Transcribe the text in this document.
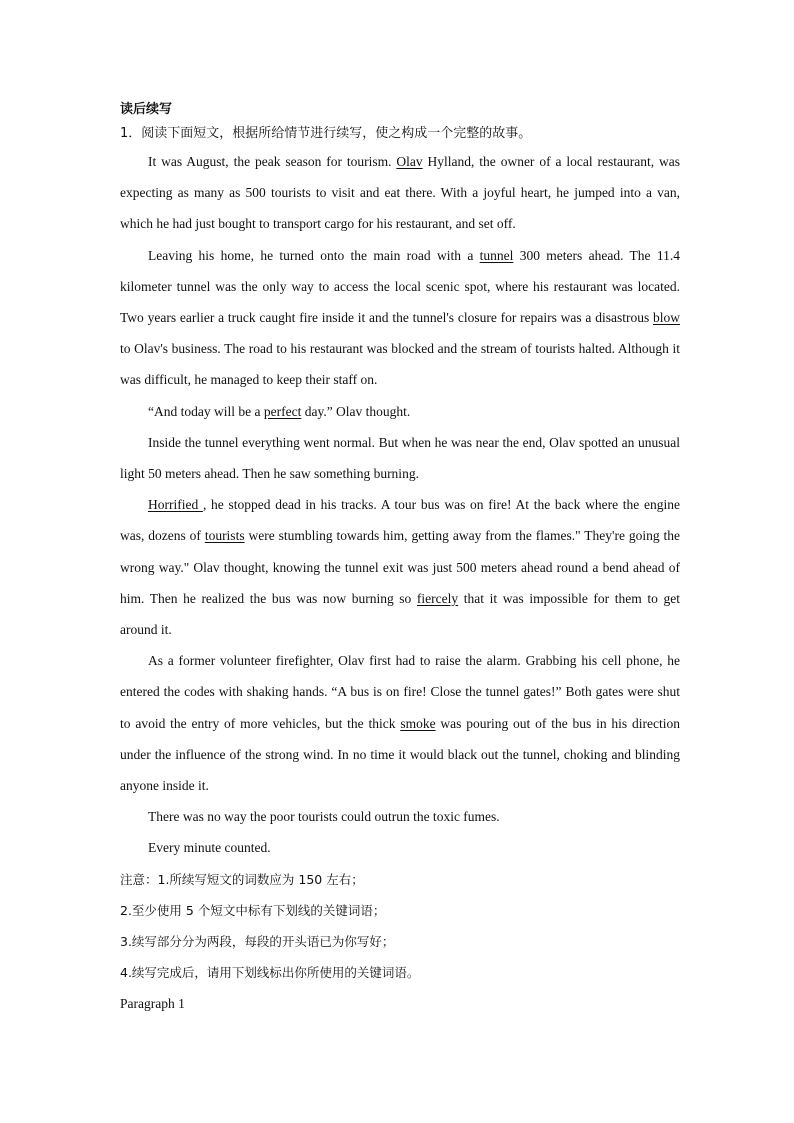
读后续写
1．阅读下面短文，根据所给情节进行续写，使之构成一个完整的故事。

It was August, the peak season for tourism. Olav Hylland, the owner of a local restaurant, was expecting as many as 500 tourists to visit and eat there. With a joyful heart, he jumped into a van, which he had just bought to transport cargo for his restaurant, and set off.

Leaving his home, he turned onto the main road with a tunnel 300 meters ahead. The 11.4 kilometer tunnel was the only way to access the local scenic spot, where his restaurant was located. Two years earlier a truck caught fire inside it and the tunnel's closure for repairs was a disastrous blow to Olav's business. The road to his restaurant was blocked and the stream of tourists halted. Although it was difficult, he managed to keep their staff on.

“And today will be a perfect day.” Olav thought.

Inside the tunnel everything went normal. But when he was near the end, Olav spotted an unusual light 50 meters ahead. Then he saw something burning.

Horrified , he stopped dead in his tracks. A tour bus was on fire! At the back where the engine was, dozens of tourists were stumbling towards him, getting away from the flames." They're going the wrong way." Olav thought, knowing the tunnel exit was just 500 meters ahead round a bend ahead of him. Then he realized the bus was now burning so fiercely that it was impossible for them to get around it.

As a former volunteer firefighter, Olav first had to raise the alarm. Grabbing his cell phone, he entered the codes with shaking hands. “A bus is on fire! Close the tunnel gates!” Both gates were shut to avoid the entry of more vehicles, but the thick smoke was pouring out of the bus in his direction under the influence of the strong wind. In no time it would black out the tunnel, choking and blinding anyone inside it.

There was no way the poor tourists could outrun the toxic fumes.

Every minute counted.

注意：1.所续写短文的词数应为 150 左右；
2.至少使用 5 个短文中标有下划线的关键词语；
3.续写部分分为两段，每段的开头语已为你写好；
4.续写完成后，请用下划线标出你所使用的关键词语。
Paragraph 1
